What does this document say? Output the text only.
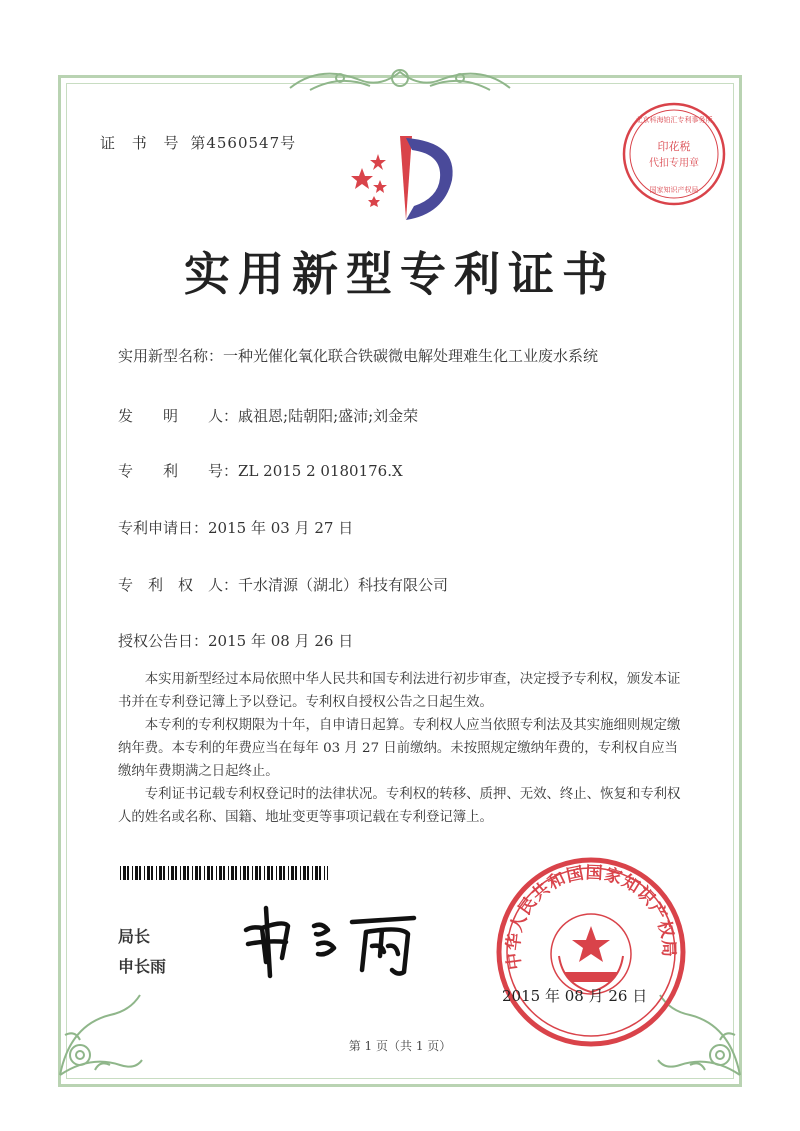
证 书 号 第4560547号	印花税
代扣专用章
北京科海铂汇专利事务所
国家知识产权局
实用新型专利证书
实用新型名称：一种光催化氧化联合铁碳微电解处理难生化工业废水系统
发　　明　　人：戚祖恩;陆朝阳;盛沛;刘金荣
专　　利　　号：ZL 2015 2 0180176.X
专利申请日：2015 年 03 月 27 日
专　利　权　人：千水清源（湖北）科技有限公司
授权公告日：2015 年 08 月 26 日

本实用新型经过本局依照中华人民共和国专利法进行初步审查，决定授予专利权，颁发本证书并在专利登记簿上予以登记。专利权自授权公告之日起生效。

本专利的专利权期限为十年，自申请日起算。专利权人应当依照专利法及其实施细则规定缴纳年费。本专利的年费应当在每年 03 月 27 日前缴纳。未按照规定缴纳年费的，专利权自应当缴纳年费期满之日起终止。

专利证书记载专利权登记时的法律状况。专利权的转移、质押、无效、终止、恢复和专利权人的姓名或名称、国籍、地址变更等事项记载在专利登记簿上。

局长
申长雨	中华人民共和国国家知识产权局
2015 年 08 月 26 日
第 1 页（共 1 页）
